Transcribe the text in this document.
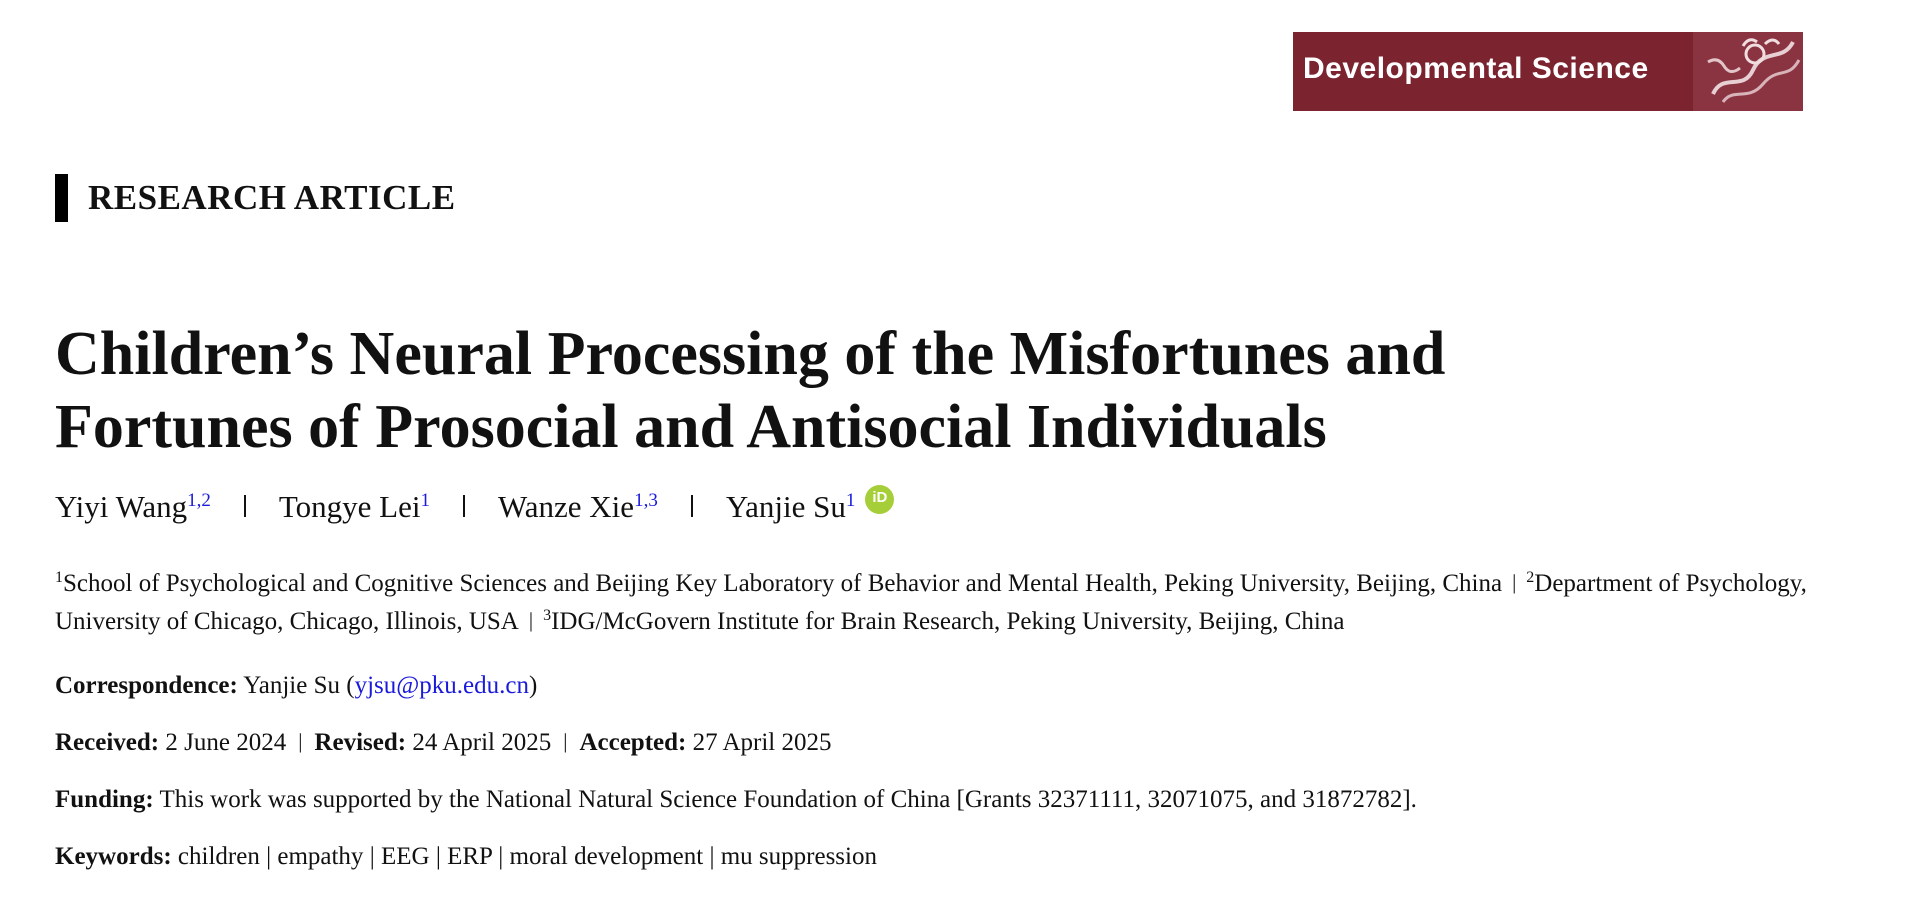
Developmental Science
RESEARCH ARTICLE
Children’s Neural Processing of the Misfortunes and
Fortunes of Prosocial and Antisocial Individuals
Yiyi Wang$^{1,2}$ Tongye Lei$^1$ Wanze Xie$^{1,3}$ Yanjie Su$^1$	iD
$^1$School of Psychological and Cognitive Sciences and Beijing Key Laboratory of Behavior and Mental Health, Peking University, Beijing, China | $^2$Department of Psychology, University of Chicago, Chicago, Illinois, USA | $^3$IDG/McGovern Institute for Brain Research, Peking University, Beijing, China
Correspondence: Yanjie Su (yjsu@pku.edu.cn)
Received: 2 June 2024 | Revised: 24 April 2025 | Accepted: 27 April 2025
Funding: This work was supported by the National Natural Science Foundation of China [Grants 32371111, 32071075, and 31872782].
Keywords: children | empathy | EEG | ERP | moral development | mu suppression
